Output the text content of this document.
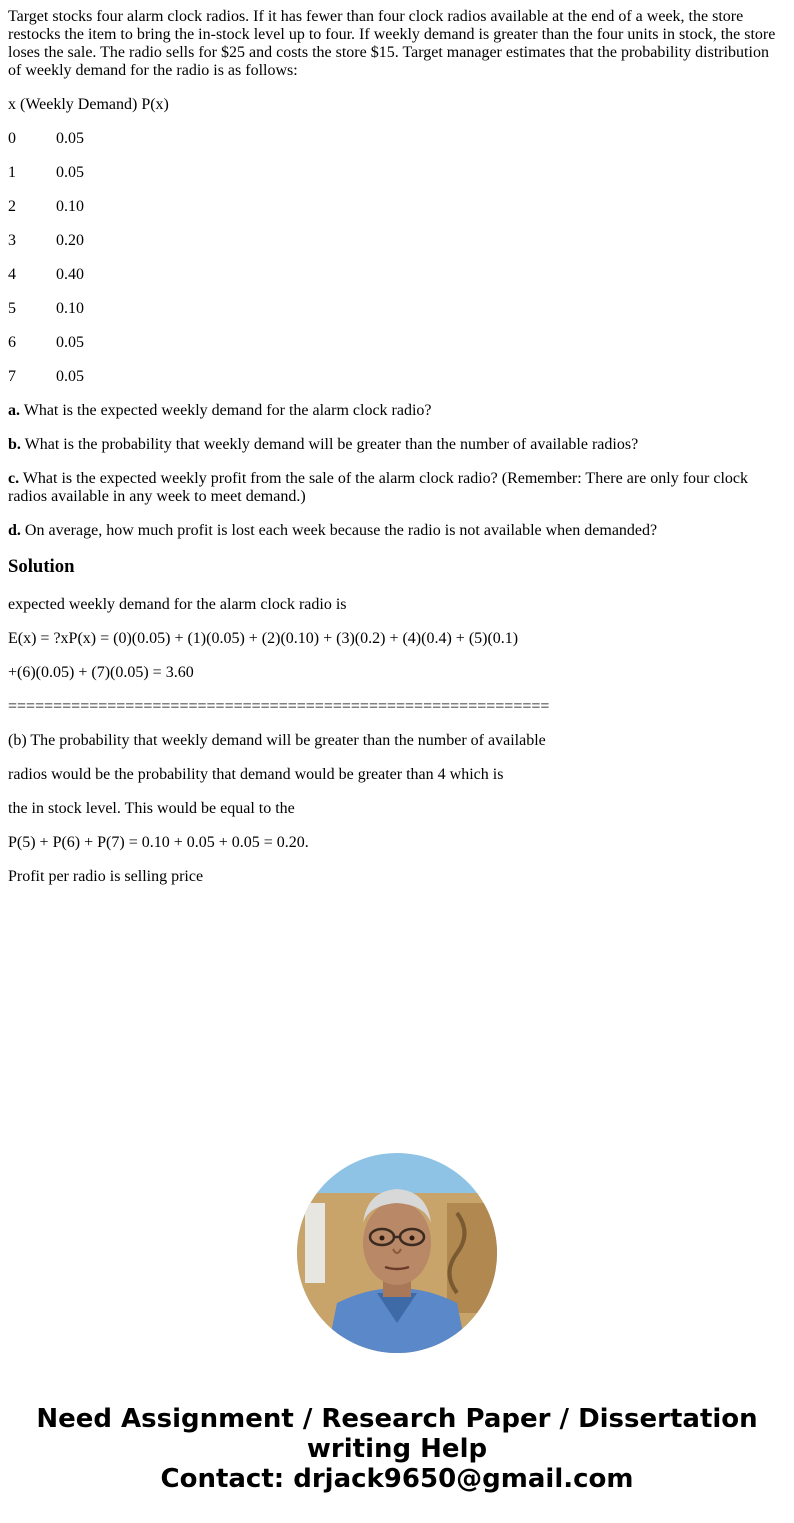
Target stocks four alarm clock radios. If it has fewer than four clock radios available at the end of a week, the store restocks the item to bring the in-stock level up to four. If weekly demand is greater than the four units in stock, the store loses the sale. The radio sells for $25 and costs the store $15. Target manager estimates that the probability distribution of weekly demand for the radio is as follows:

x (Weekly Demand) P(x)

0	0.05
1	0.05
2	0.10
3	0.20
4	0.40
5	0.10
6	0.05
7	0.05

a. What is the expected weekly demand for the alarm clock radio?

b. What is the probability that weekly demand will be greater than the number of available radios?

c. What is the expected weekly profit from the sale of the alarm clock radio? (Remember: There are only four clock radios available in any week to meet demand.)

d. On average, how much profit is lost each week because the radio is not available when demanded?

Solution

expected weekly demand for the alarm clock radio is

E(x) = ?xP(x) = (0)(0.05) + (1)(0.05) + (2)(0.10) + (3)(0.2) + (4)(0.4) + (5)(0.1)

+(6)(0.05) + (7)(0.05) = 3.60

============================================================

(b) The probability that weekly demand will be greater than the number of available

radios would be the probability that demand would be greater than 4 which is

the in stock level. This would be equal to the

P(5) + P(6) + P(7) = 0.10 + 0.05 + 0.05 = 0.20.

Profit per radio is selling price

Need Assignment / Research Paper / Dissertation
writing Help
Contact: drjack9650@gmail.com
